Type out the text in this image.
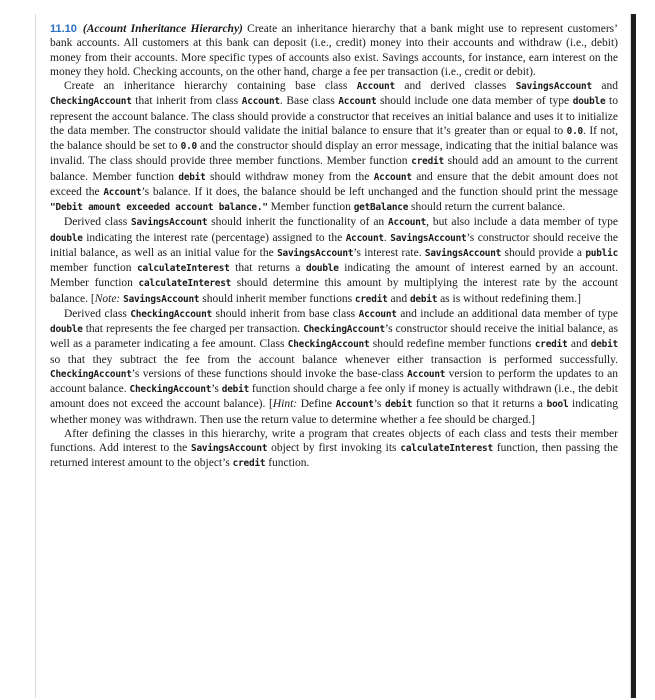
11.10 (Account Inheritance Hierarchy) Create an inheritance hierarchy that a bank might use to represent customers’ bank accounts. All customers at this bank can deposit (i.e., credit) money into their accounts and withdraw (i.e., debit) money from their accounts. More specific types of accounts also exist. Savings accounts, for instance, earn interest on the money they hold. Checking accounts, on the other hand, charge a fee per transaction (i.e., credit or debit).

Create an inheritance hierarchy containing base class Account and derived classes SavingsAccount and CheckingAccount that inherit from class Account. Base class Account should include one data member of type double to represent the account balance. The class should provide a constructor that receives an initial balance and uses it to initialize the data member. The constructor should validate the initial balance to ensure that it’s greater than or equal to 0.0. If not, the balance should be set to 0.0 and the constructor should display an error message, indicating that the initial balance was invalid. The class should provide three member functions. Member function credit should add an amount to the current balance. Member function debit should withdraw money from the Account and ensure that the debit amount does not exceed the Account’s balance. If it does, the balance should be left unchanged and the function should print the message "Debit amount exceeded account balance." Member function getBalance should return the current balance.

Derived class SavingsAccount should inherit the functionality of an Account, but also include a data member of type double indicating the interest rate (percentage) assigned to the Account. SavingsAccount’s constructor should receive the initial balance, as well as an initial value for the SavingsAccount’s interest rate. SavingsAccount should provide a public member function calculateInterest that returns a double indicating the amount of interest earned by an account. Member function calculateInterest should determine this amount by multiplying the interest rate by the account balance. [Note: SavingsAccount should inherit member functions credit and debit as is without redefining them.]

Derived class CheckingAccount should inherit from base class Account and include an additional data member of type double that represents the fee charged per transaction. CheckingAccount’s constructor should receive the initial balance, as well as a parameter indicating a fee amount. Class CheckingAccount should redefine member functions credit and debit so that they subtract the fee from the account balance whenever either transaction is performed successfully. CheckingAccount’s versions of these functions should invoke the base-class Account version to perform the updates to an account balance. CheckingAccount’s debit function should charge a fee only if money is actually withdrawn (i.e., the debit amount does not exceed the account balance). [Hint: Define Account’s debit function so that it returns a bool indicating whether money was withdrawn. Then use the return value to determine whether a fee should be charged.]

After defining the classes in this hierarchy, write a program that creates objects of each class and tests their member functions. Add interest to the SavingsAccount object by first invoking its calculateInterest function, then passing the returned interest amount to the object’s credit function.
